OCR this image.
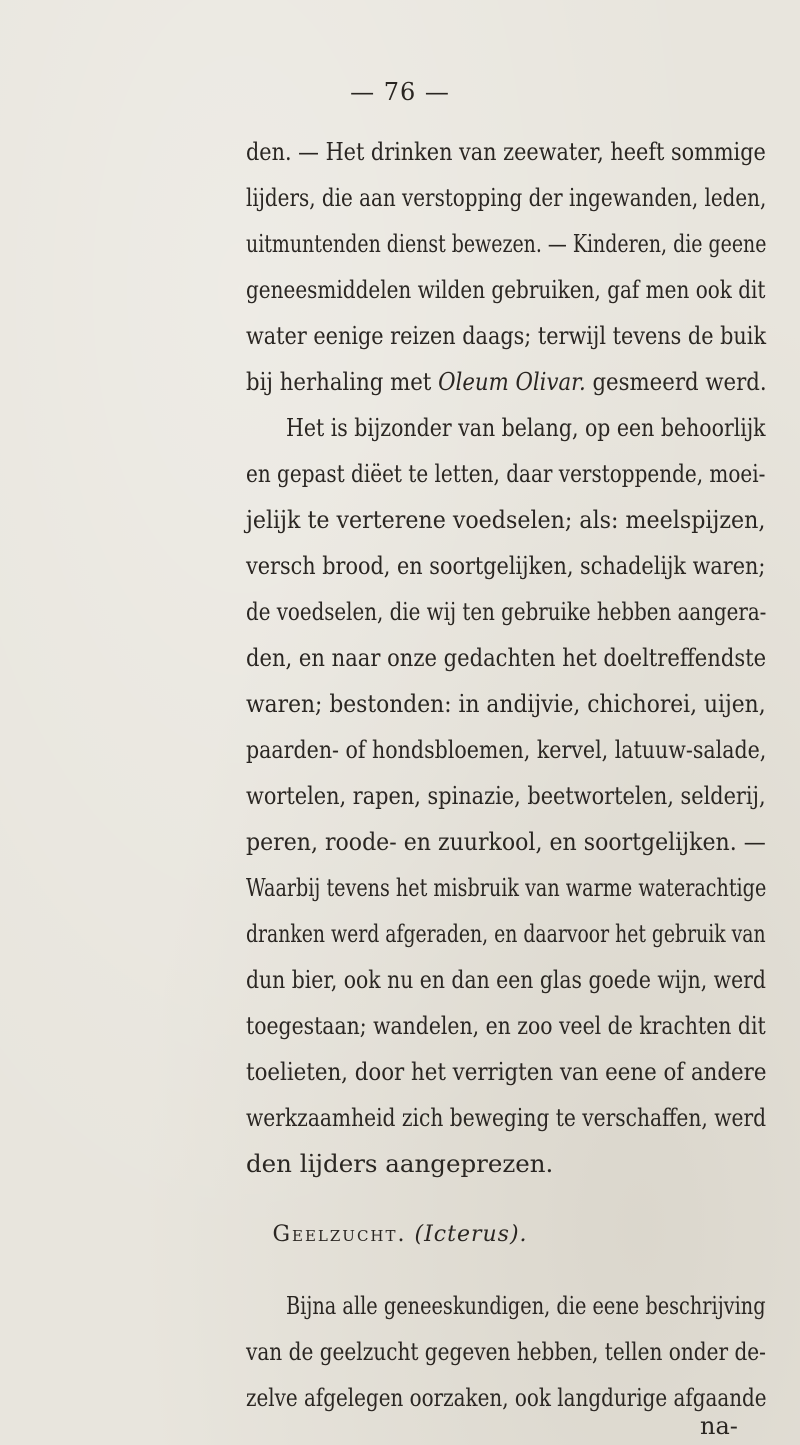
— 76 —
den. — Het drinken van zeewater, heeft sommige
lijders, die aan verstopping der ingewanden, leden,
uitmuntenden dienst bewezen. — Kinderen, die geene
geneesmiddelen wilden gebruiken, gaf men ook dit
water eenige reizen daags; terwijl tevens de buik
bij herhaling met Oleum Olivar. gesmeerd werd.
Het is bijzonder van belang, op een behoorlijk
en gepast diëet te letten, daar verstoppende, moei-
jelijk te verterene voedselen; als: meelspijzen,
versch brood, en soortgelijken, schadelijk waren;
de voedselen, die wij ten gebruike hebben aangera-
den, en naar onze gedachten het doeltreffendste
waren; bestonden: in andijvie, chichorei, uijen,
paarden- of hondsbloemen, kervel, latuuw-salade,
wortelen, rapen, spinazie, beetwortelen, selderij,
peren, roode- en zuurkool, en soortgelijken. —
Waarbij tevens het misbruik van warme waterachtige
dranken werd afgeraden, en daarvoor het gebruik van
dun bier, ook nu en dan een glas goede wijn, werd
toegestaan; wandelen, en zoo veel de krachten dit
toelieten, door het verrigten van eene of andere
werkzaamheid zich beweging te verschaffen, werd
den lijders aangeprezen.
Geelzucht. (Icterus).
Bijna alle geneeskundigen, die eene beschrijving
van de geelzucht gegeven hebben, tellen onder de-
zelve afgelegen oorzaken, ook langdurige afgaande
na-
